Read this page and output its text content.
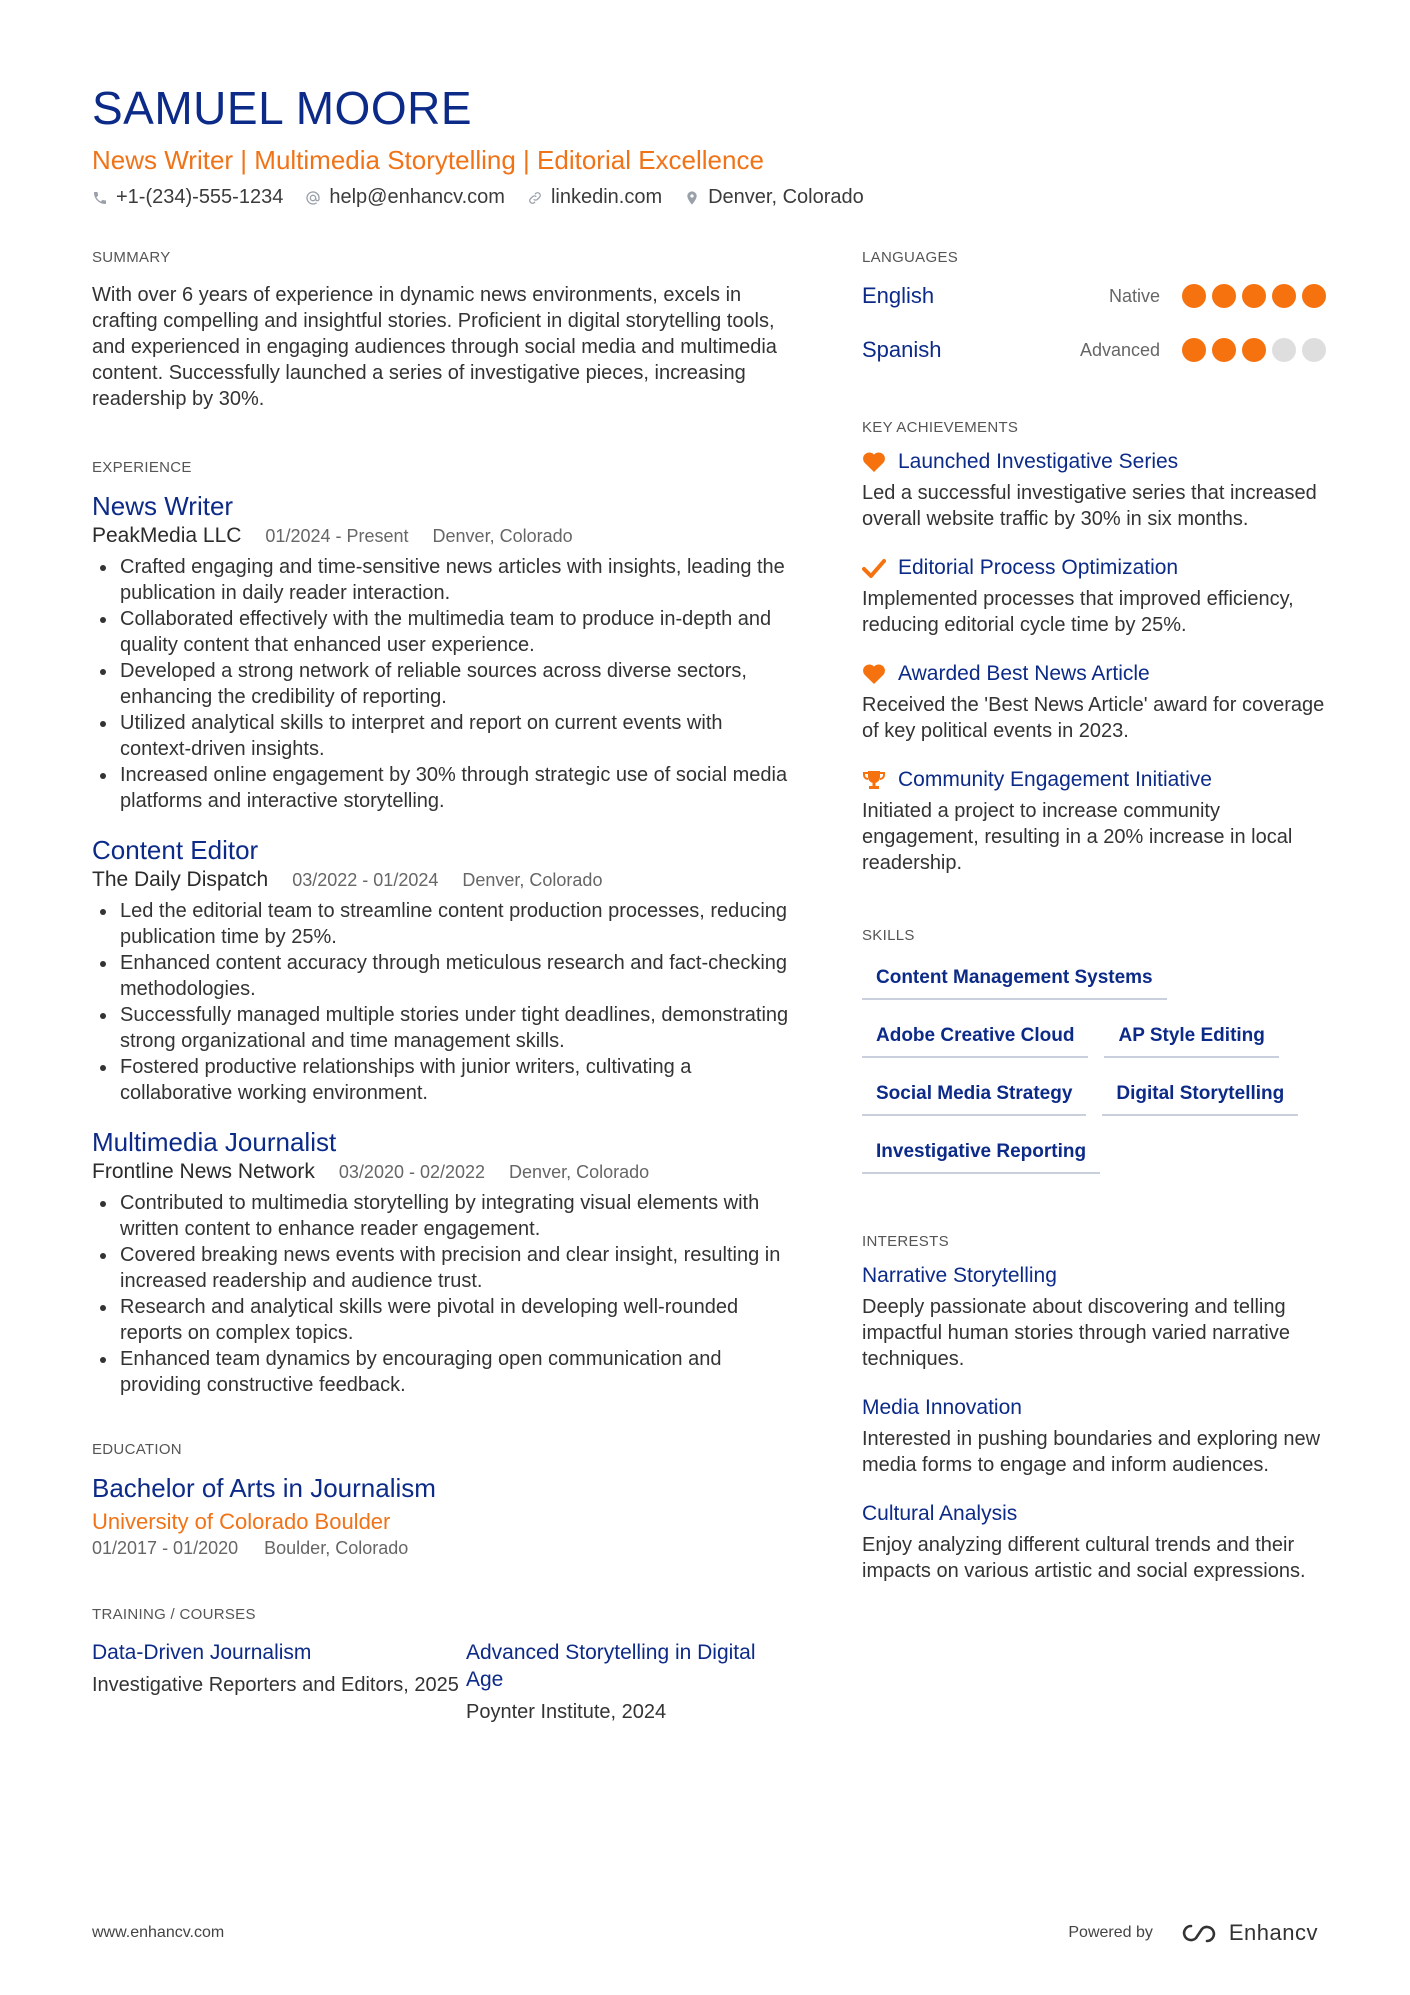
SAMUEL MOORE
News Writer | Multimedia Storytelling | Editorial Excellence
+1-(234)-555-1234 help@enhancv.com linkedin.com Denver, Colorado
SUMMARY
With over 6 years of experience in dynamic news environments, excels in crafting compelling and insightful stories. Proficient in digital storytelling tools, and experienced in engaging audiences through social media and multimedia content. Successfully launched a series of investigative pieces, increasing readership by 30%.
EXPERIENCE
News Writer
PeakMedia LLC 01/2024 - Present Denver, Colorado
Crafted engaging and time-sensitive news articles with insights, leading the publication in daily reader interaction.
Collaborated effectively with the multimedia team to produce in-depth and quality content that enhanced user experience.
Developed a strong network of reliable sources across diverse sectors, enhancing the credibility of reporting.
Utilized analytical skills to interpret and report on current events with context-driven insights.
Increased online engagement by 30% through strategic use of social media platforms and interactive storytelling.
Content Editor
The Daily Dispatch 03/2022 - 01/2024 Denver, Colorado
Led the editorial team to streamline content production processes, reducing publication time by 25%.
Enhanced content accuracy through meticulous research and fact-checking methodologies.
Successfully managed multiple stories under tight deadlines, demonstrating strong organizational and time management skills.
Fostered productive relationships with junior writers, cultivating a collaborative working environment.
Multimedia Journalist
Frontline News Network 03/2020 - 02/2022 Denver, Colorado
Contributed to multimedia storytelling by integrating visual elements with written content to enhance reader engagement.
Covered breaking news events with precision and clear insight, resulting in increased readership and audience trust.
Research and analytical skills were pivotal in developing well-rounded reports on complex topics.
Enhanced team dynamics by encouraging open communication and providing constructive feedback.
EDUCATION
Bachelor of Arts in Journalism
University of Colorado Boulder
01/2017 - 01/2020 Boulder, Colorado
TRAINING / COURSES
Data-Driven Journalism
Investigative Reporters and Editors, 2025
Advanced Storytelling in Digital Age
Poynter Institute, 2024
LANGUAGES
English	Native
Spanish	Advanced
KEY ACHIEVEMENTS
Launched Investigative Series
Led a successful investigative series that increased overall website traffic by 30% in six months.
Editorial Process Optimization
Implemented processes that improved efficiency, reducing editorial cycle time by 25%.
Awarded Best News Article
Received the 'Best News Article' award for coverage of key political events in 2023.
Community Engagement Initiative
Initiated a project to increase community engagement, resulting in a 20% increase in local readership.
SKILLS
Content Management Systems
Adobe Creative Cloud	AP Style Editing
Social Media Strategy	Digital Storytelling
Investigative Reporting
INTERESTS
Narrative Storytelling
Deeply passionate about discovering and telling impactful human stories through varied narrative techniques.
Media Innovation
Interested in pushing boundaries and exploring new media forms to engage and inform audiences.
Cultural Analysis
Enjoy analyzing different cultural trends and their impacts on various artistic and social expressions.
www.enhancv.com	Powered by	Enhancv
